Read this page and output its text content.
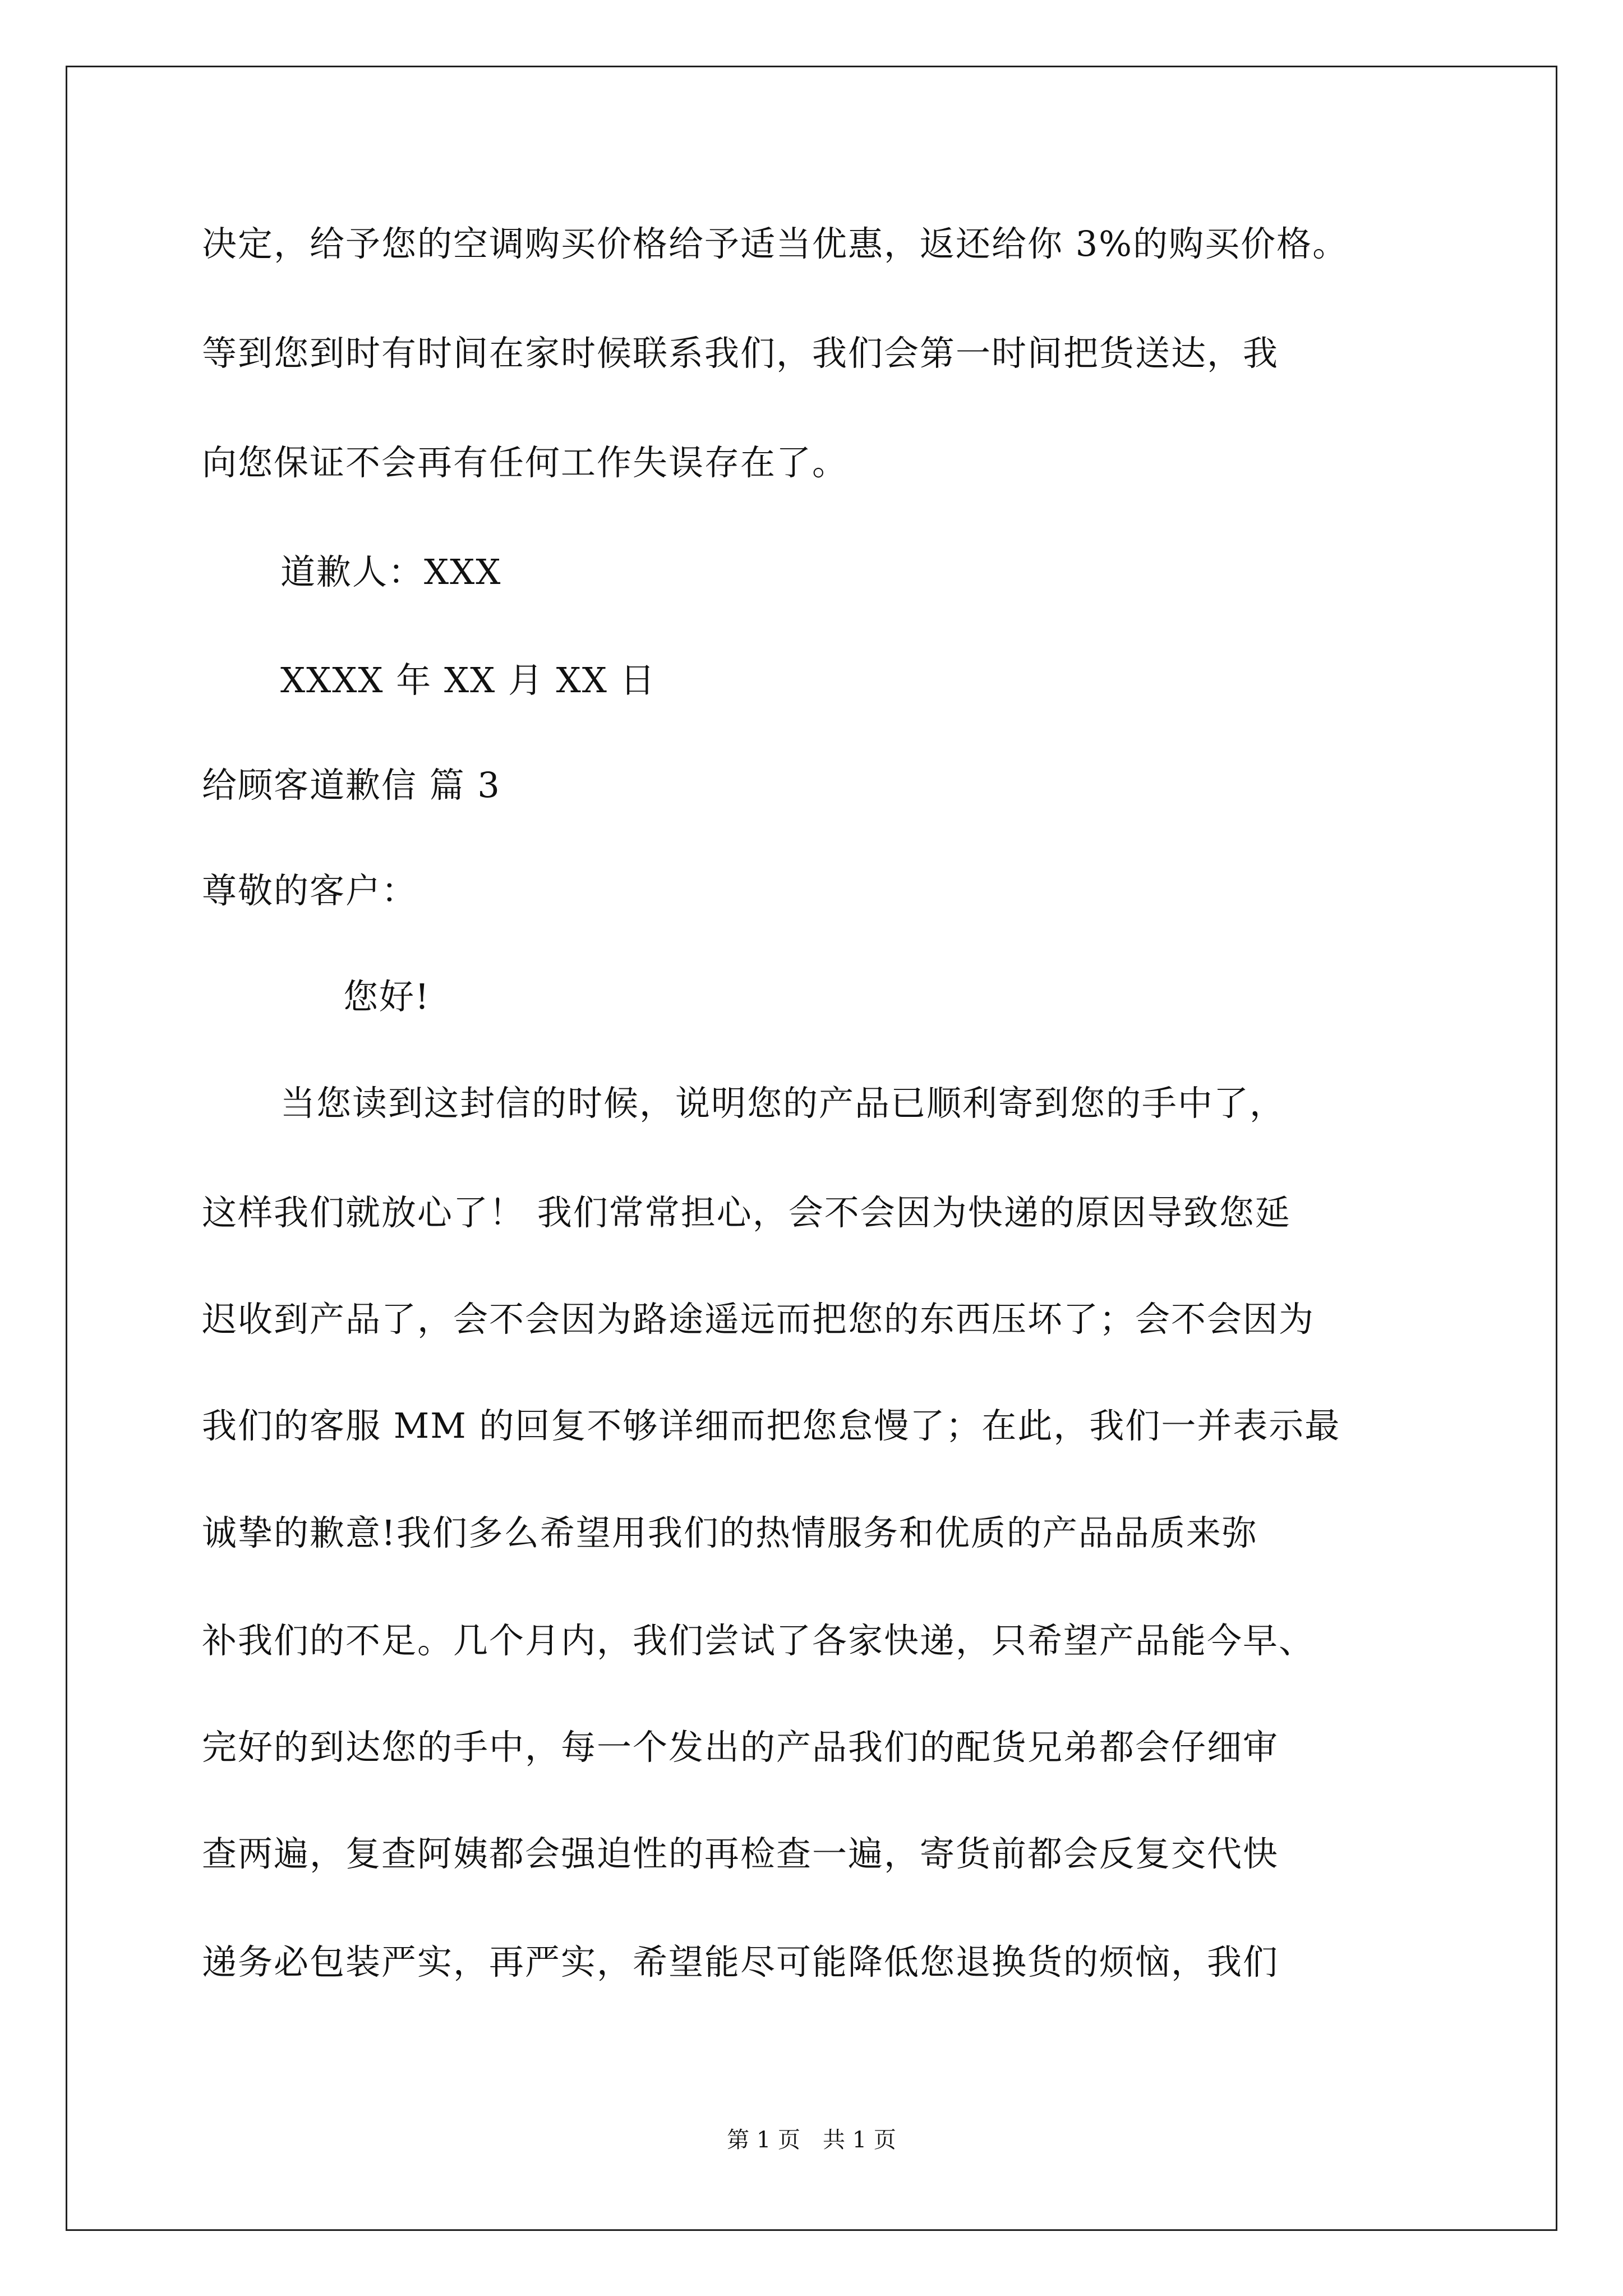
决定，给予您的空调购买价格给予适当优惠，返还给你 3%的购买价格。
等到您到时有时间在家时候联系我们，我们会第一时间把货送达，我
向您保证不会再有任何工作失误存在了。
道歉人：XXX
XXXX 年 XX 月 XX 日
给顾客道歉信 篇 3
尊敬的客户：
您好!
当您读到这封信的时候，说明您的产品已顺利寄到您的手中了，
这样我们就放心了！ 我们常常担心，会不会因为快递的原因导致您延
迟收到产品了，会不会因为路途遥远而把您的东西压坏了；会不会因为
我们的客服 MM 的回复不够详细而把您怠慢了；在此，我们一并表示最
诚挚的歉意!我们多么希望用我们的热情服务和优质的产品品质来弥
补我们的不足。几个月内，我们尝试了各家快递，只希望产品能今早、
完好的到达您的手中，每一个发出的产品我们的配货兄弟都会仔细审
查两遍，复查阿姨都会强迫性的再检查一遍，寄货前都会反复交代快
递务必包装严实，再严实，希望能尽可能降低您退换货的烦恼，我们
第 1 页　共 1 页
